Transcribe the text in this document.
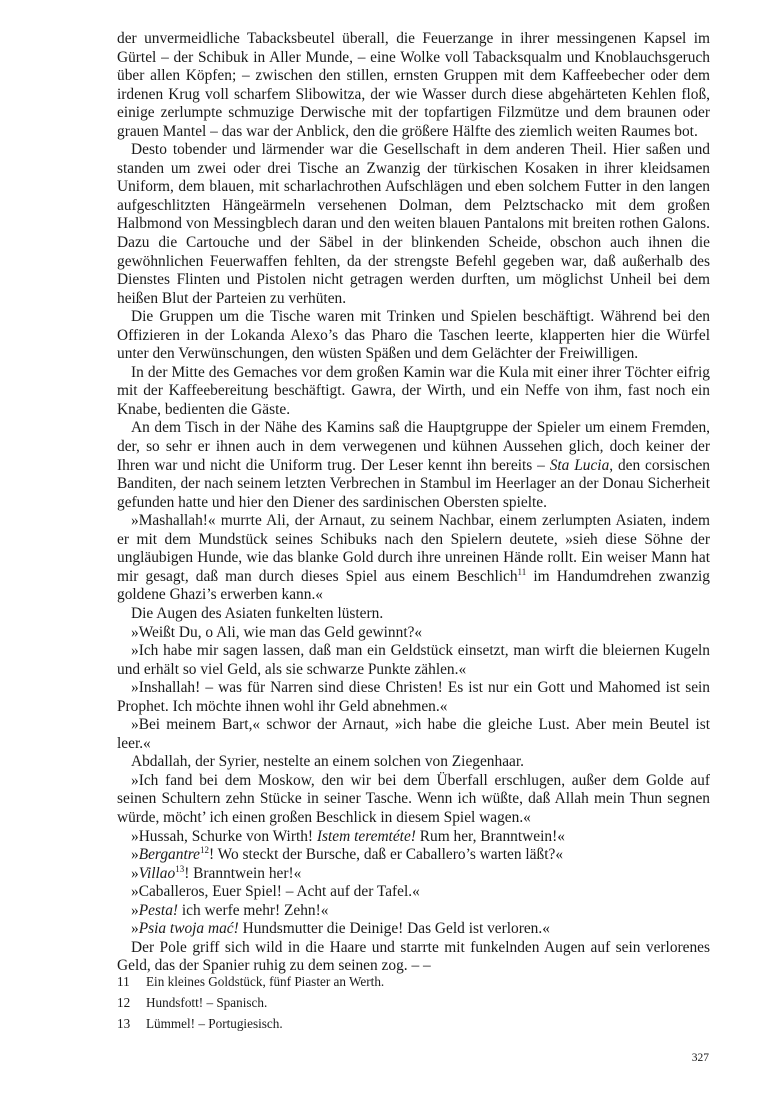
der unvermeidliche Tabacksbeutel überall, die Feuerzange in ihrer messingenen Kapsel im Gürtel – der Schibuk in Aller Munde, – eine Wolke voll Tabacksqualm und Knoblauchsgeruch über allen Köpfen; – zwischen den stillen, ernsten Gruppen mit dem Kaffeebecher oder dem irdenen Krug voll scharfem Slibowitza, der wie Wasser durch diese abgehärteten Kehlen floß, einige zerlumpte schmuzige Derwische mit der topfartigen Filzmütze und dem braunen oder grauen Mantel – das war der Anblick, den die größere Hälfte des ziemlich weiten Raumes bot.

Desto tobender und lärmender war die Gesellschaft in dem anderen Theil. Hier saßen und standen um zwei oder drei Tische an Zwanzig der türkischen Kosaken in ihrer kleidsamen Uniform, dem blauen, mit scharlachrothen Aufschlägen und eben solchem Futter in den langen aufgeschlitzten Hängeärmeln versehenen Dolman, dem Pelztschacko mit dem großen Halbmond von Messingblech daran und den weiten blauen Pantalons mit breiten rothen Galons. Dazu die Cartouche und der Säbel in der blinkenden Scheide, obschon auch ihnen die gewöhnlichen Feuerwaffen fehlten, da der strengste Befehl gegeben war, daß außerhalb des Dienstes Flinten und Pistolen nicht getragen werden durften, um möglichst Unheil bei dem heißen Blut der Parteien zu verhüten.

Die Gruppen um die Tische waren mit Trinken und Spielen beschäftigt. Während bei den Offizieren in der Lokanda Alexo’s das Pharo die Taschen leerte, klapperten hier die Würfel unter den Verwünschungen, den wüsten Späßen und dem Gelächter der Freiwilligen.

In der Mitte des Gemaches vor dem großen Kamin war die Kula mit einer ihrer Töchter eifrig mit der Kaffeebereitung beschäftigt. Gawra, der Wirth, und ein Neffe von ihm, fast noch ein Knabe, bedienten die Gäste.

An dem Tisch in der Nähe des Kamins saß die Hauptgruppe der Spieler um einem Fremden, der, so sehr er ihnen auch in dem verwegenen und kühnen Aussehen glich, doch keiner der Ihren war und nicht die Uniform trug. Der Leser kennt ihn bereits – Sta Lucia, den corsischen Banditen, der nach seinem letzten Verbrechen in Stambul im Heerlager an der Donau Sicherheit gefunden hatte und hier den Diener des sardinischen Obersten spielte.

»Mashallah!« murrte Ali, der Arnaut, zu seinem Nachbar, einem zerlumpten Asiaten, indem er mit dem Mundstück seines Schibuks nach den Spielern deutete, »sieh diese Söhne der ungläubigen Hunde, wie das blanke Gold durch ihre unreinen Hände rollt. Ein weiser Mann hat mir gesagt, daß man durch dieses Spiel aus einem Beschlich$^{11}$ im Handumdrehen zwanzig goldene Ghazi’s erwerben kann.«

Die Augen des Asiaten funkelten lüstern.

»Weißt Du, o Ali, wie man das Geld gewinnt?«

»Ich habe mir sagen lassen, daß man ein Geldstück einsetzt, man wirft die bleiernen Kugeln und erhält so viel Geld, als sie schwarze Punkte zählen.«

»Inshallah! – was für Narren sind diese Christen! Es ist nur ein Gott und Mahomed ist sein Prophet. Ich möchte ihnen wohl ihr Geld abnehmen.«

»Bei meinem Bart,« schwor der Arnaut, »ich habe die gleiche Lust. Aber mein Beutel ist leer.«

Abdallah, der Syrier, nestelte an einem solchen von Ziegenhaar.

»Ich fand bei dem Moskow, den wir bei dem Überfall erschlugen, außer dem Golde auf seinen Schultern zehn Stücke in seiner Tasche. Wenn ich wüßte, daß Allah mein Thun segnen würde, möcht’ ich einen großen Beschlick in diesem Spiel wagen.«

»Hussah, Schurke von Wirth! Istem teremtéte! Rum her, Branntwein!«

»Bergantre$^{12}$! Wo steckt der Bursche, daß er Caballero’s warten läßt?«

»Villao$^{13}$! Branntwein her!«

»Caballeros, Euer Spiel! – Acht auf der Tafel.«

»Pesta! ich werfe mehr! Zehn!«

»Psia twoja mać! Hundsmutter die Deinige! Das Geld ist verloren.«

Der Pole griff sich wild in die Haare und starrte mit funkelnden Augen auf sein verlorenes Geld, das der Spanier ruhig zu dem seinen zog. – –

11	Ein kleines Goldstück, fünf Piaster an Werth.
12	Hundsfott! – Spanisch.
13	Lümmel! – Portugiesisch.
327
